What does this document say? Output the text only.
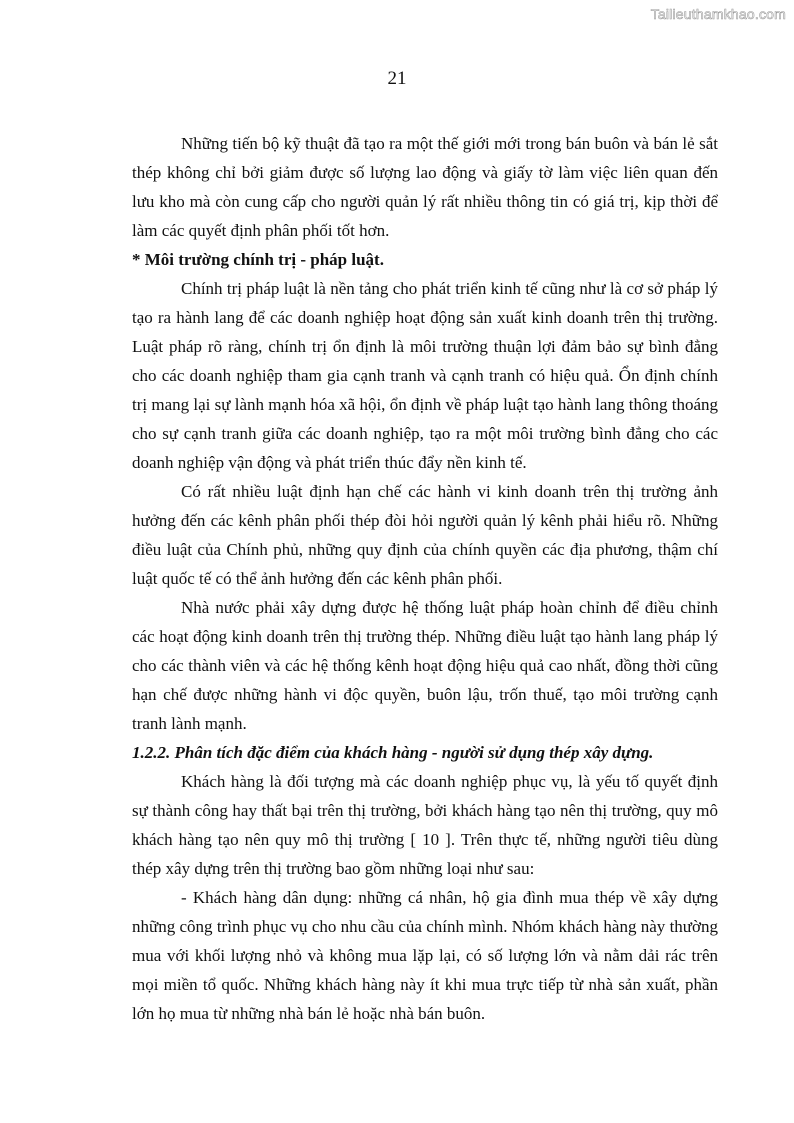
Tailieuthamkhao.com
21

Những tiến bộ kỹ thuật đã tạo ra một thế giới mới trong bán buôn và bán lẻ sắt thép không chỉ bởi giảm được số lượng lao động và giấy tờ làm việc liên quan đến lưu kho mà còn cung cấp cho người quản lý rất nhiều thông tin có giá trị, kịp thời để làm các quyết định phân phối tốt hơn.

* Môi trường chính trị - pháp luật.

Chính trị pháp luật là nền tảng cho phát triển kinh tế cũng như là cơ sở pháp lý tạo ra hành lang để các doanh nghiệp hoạt động sản xuất kinh doanh trên thị trường. Luật pháp rõ ràng, chính trị ổn định là môi trường thuận lợi đảm bảo sự bình đẳng cho các doanh nghiệp tham gia cạnh tranh và cạnh tranh có hiệu quả. Ổn định chính trị mang lại sự lành mạnh hóa xã hội, ổn định về pháp luật tạo hành lang thông thoáng cho sự cạnh tranh giữa các doanh nghiệp, tạo ra một môi trường bình đẳng cho các doanh nghiệp vận động và phát triển thúc đẩy nền kinh tế.

Có rất nhiều luật định hạn chế các hành vi kinh doanh trên thị trường ảnh hưởng đến các kênh phân phối thép đòi hỏi người quản lý kênh phải hiểu rõ. Những điều luật của Chính phủ, những quy định của chính quyền các địa phương, thậm chí luật quốc tế có thể ảnh hưởng đến các kênh phân phối.

Nhà nước phải xây dựng được hệ thống luật pháp hoàn chỉnh để điều chỉnh các hoạt động kinh doanh trên thị trường thép. Những điều luật tạo hành lang pháp lý cho các thành viên và các hệ thống kênh hoạt động hiệu quả cao nhất, đồng thời cũng hạn chế được những hành vi độc quyền, buôn lậu, trốn thuế, tạo môi trường cạnh tranh lành mạnh.

1.2.2. Phân tích đặc điểm của khách hàng - người sử dụng thép xây dựng.

Khách hàng là đối tượng mà các doanh nghiệp phục vụ, là yếu tố quyết định sự thành công hay thất bại trên thị trường, bởi khách hàng tạo nên thị trường, quy mô khách hàng tạo nên quy mô thị trường [ 10 ]. Trên thực tế, những người tiêu dùng thép xây dựng trên thị trường bao gồm những loại như sau:

- Khách hàng dân dụng: những cá nhân, hộ gia đình mua thép về xây dựng những công trình phục vụ cho nhu cầu của chính mình. Nhóm khách hàng này thường mua với khối lượng nhỏ và không mua lặp lại, có số lượng lớn và nằm dải rác trên mọi miền tổ quốc. Những khách hàng này ít khi mua trực tiếp từ nhà sản xuất, phần lớn họ mua từ những nhà bán lẻ hoặc nhà bán buôn.
